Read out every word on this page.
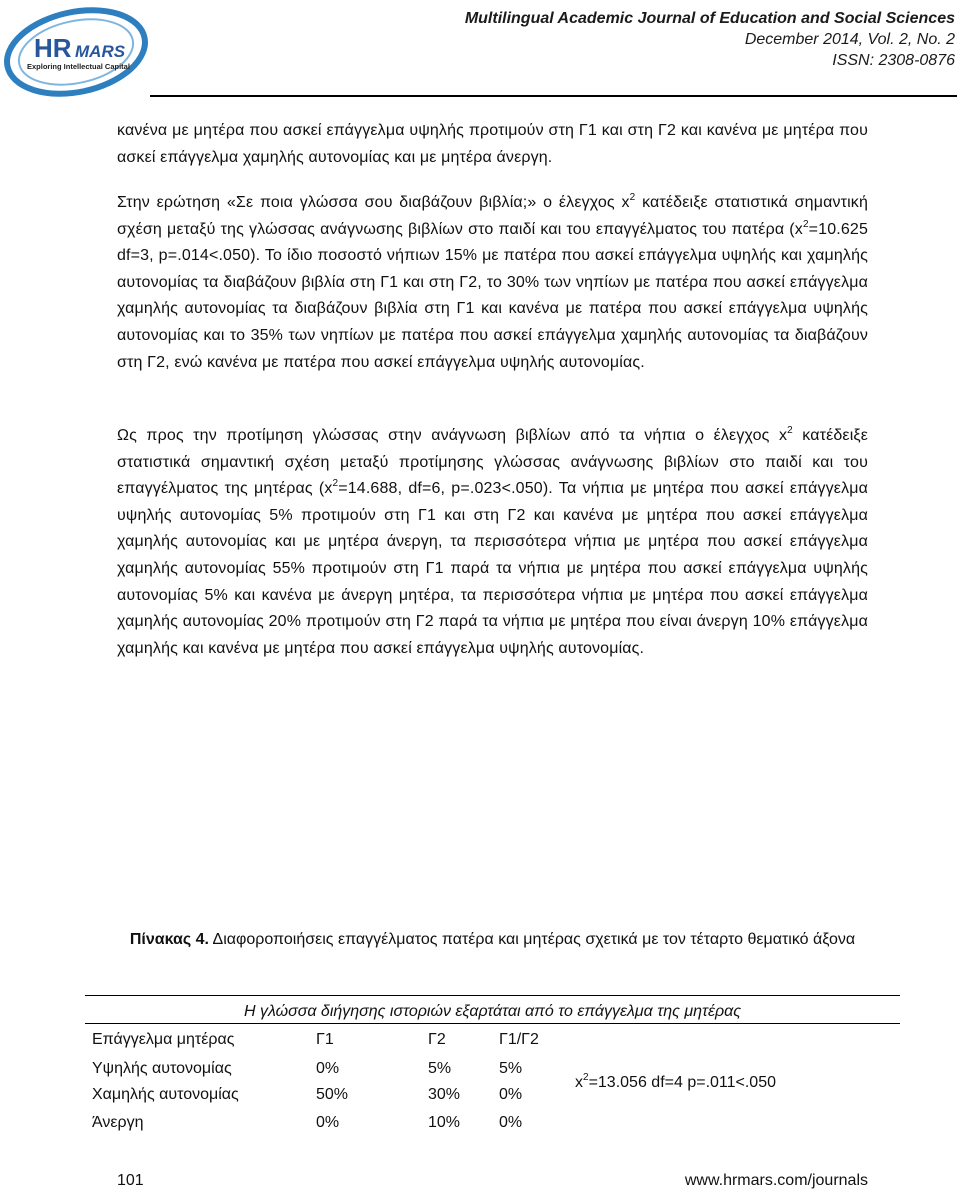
HR MARS
Exploring Intellectual Capital
Multilingual Academic Journal of Education and Social Sciences
December 2014, Vol. 2, No. 2
ISSN: 2308-0876
κανένα με μητέρα που ασκεί επάγγελμα υψηλής προτιμούν στη Γ1 και στη Γ2 και κανένα με μητέρα που ασκεί επάγγελμα χαμηλής αυτονομίας και με μητέρα άνεργη.
Στην ερώτηση «Σε ποια γλώσσα σου διαβάζουν βιβλία;» ο έλεγχος $x^2$ κατέδειξε στατιστικά σημαντική σχέση μεταξύ της γλώσσας ανάγνωσης βιβλίων στο παιδί και του επαγγέλματος του πατέρα ($x^2=10.625$ df=3, p=.014<.050). Το ίδιο ποσοστό νήπιων 15% με πατέρα που ασκεί επάγγελμα υψηλής και χαμηλής αυτονομίας τα διαβάζουν βιβλία στη Γ1 και στη Γ2, το 30% των νηπίων με πατέρα που ασκεί επάγγελμα χαμηλής αυτονομίας τα διαβάζουν βιβλία στη Γ1 και κανένα με πατέρα που ασκεί επάγγελμα υψηλής αυτονομίας και το 35% των νηπίων με πατέρα που ασκεί επάγγελμα χαμηλής αυτονομίας τα διαβάζουν στη Γ2, ενώ κανένα με πατέρα που ασκεί επάγγελμα υψηλής αυτονομίας.
Ως προς την προτίμηση γλώσσας στην ανάγνωση βιβλίων από τα νήπια ο έλεγχος $x^2$ κατέδειξε στατιστικά σημαντική σχέση μεταξύ προτίμησης γλώσσας ανάγνωσης βιβλίων στο παιδί και του επαγγέλματος της μητέρας ($x^2=14.688$, df=6, p=.023<.050). Τα νήπια με μητέρα που ασκεί επάγγελμα υψηλής αυτονομίας 5% προτιμούν στη Γ1 και στη Γ2 και κανένα με μητέρα που ασκεί επάγγελμα χαμηλής αυτονομίας και με μητέρα άνεργη, τα περισσότερα νήπια με μητέρα που ασκεί επάγγελμα χαμηλής αυτονομίας 55% προτιμούν στη Γ1 παρά τα νήπια με μητέρα που ασκεί επάγγελμα υψηλής αυτονομίας 5% και κανένα με άνεργη μητέρα, τα περισσότερα νήπια με μητέρα που ασκεί επάγγελμα χαμηλής αυτονομίας 20% προτιμούν στη Γ2 παρά τα νήπια με μητέρα που είναι άνεργη 10% επάγγελμα χαμηλής και κανένα με μητέρα που ασκεί επάγγελμα υψηλής αυτονομίας.
Πίνακας 4. Διαφοροποιήσεις επαγγέλματος πατέρα και μητέρας σχετικά με τον τέταρτο θεματικό άξονα
Η γλώσσα διήγησης ιστοριών εξαρτάται από το επάγγελμα της μητέρας
Επάγγελμα μητέρας	Γ1	Γ2	Γ1/Γ2
Υψηλής αυτονομίας	0%	5%	5%
Χαμηλής αυτονομίας	50%	30% 0%
Άνεργη	0%	10% 0%
$x^2=13.056$ df=4 p=.011<.050
101	www.hrmars.com/journals
